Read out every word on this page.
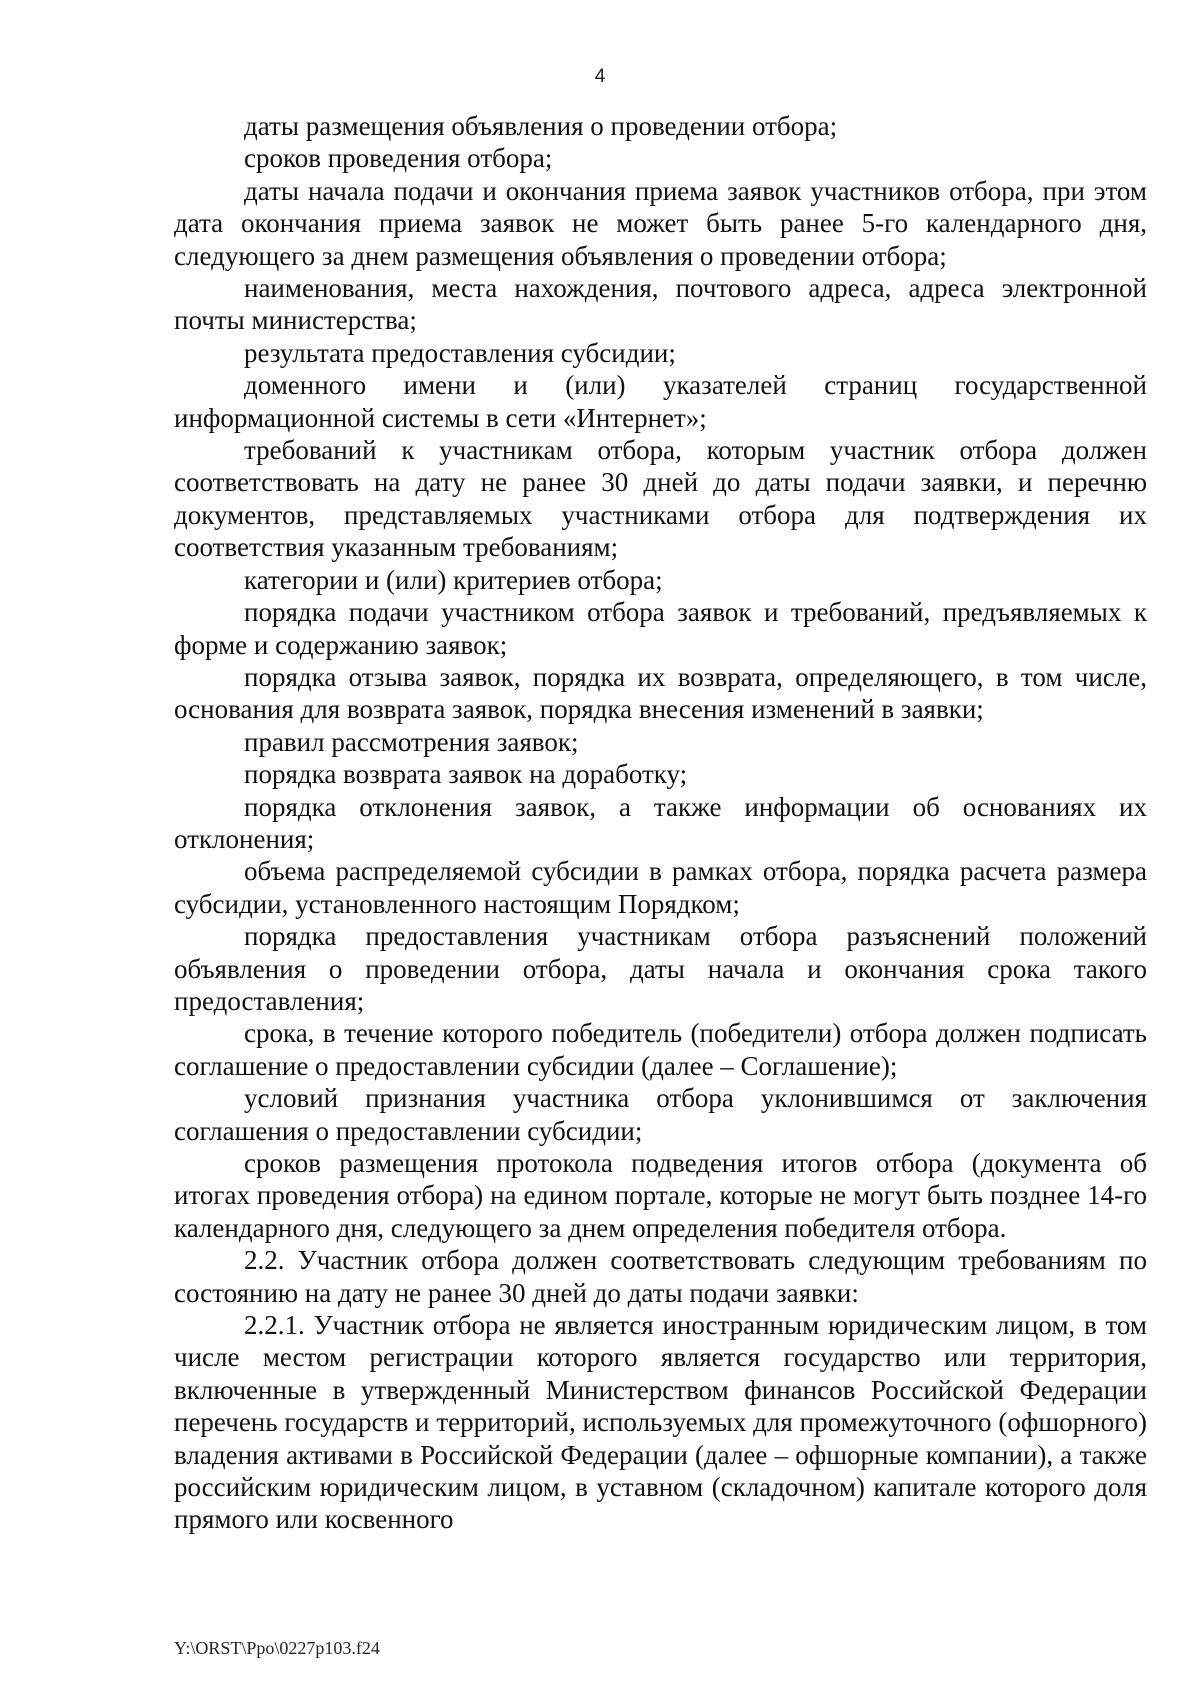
4

даты размещения объявления о проведении отбора;

сроков проведения отбора;

даты начала подачи и окончания приема заявок участников отбора, при этом дата окончания приема заявок не может быть ранее 5-го календарного дня, следующего за днем размещения объявления о проведении отбора;

наименования, места нахождения, почтового адреса, адреса электронной почты министерства;

результата предоставления субсидии;

доменного имени и (или) указателей страниц государственной информационной системы в сети «Интернет»;

требований к участникам отбора, которым участник отбора должен соответствовать на дату не ранее 30 дней до даты подачи заявки, и перечню документов, представляемых участниками отбора для подтверждения их соответствия указанным требованиям;

категории и (или) критериев отбора;

порядка подачи участником отбора заявок и требований, предъявляемых к форме и содержанию заявок;

порядка отзыва заявок, порядка их возврата, определяющего, в том числе, основания для возврата заявок, порядка внесения изменений в заявки;

правил рассмотрения заявок;

порядка возврата заявок на доработку;

порядка отклонения заявок, а также информации об основаниях их отклонения;

объема распределяемой субсидии в рамках отбора, порядка расчета размера субсидии, установленного настоящим Порядком;

порядка предоставления участникам отбора разъяснений положений объявления о проведении отбора, даты начала и окончания срока такого предоставления;

срока, в течение которого победитель (победители) отбора должен подписать соглашение о предоставлении субсидии (далее – Соглашение);

условий признания участника отбора уклонившимся от заключения соглашения о предоставлении субсидии;

сроков размещения протокола подведения итогов отбора (документа об итогах проведения отбора) на едином портале, которые не могут быть позднее 14-го календарного дня, следующего за днем определения победителя отбора.

2.2. Участник отбора должен соответствовать следующим требованиям по состоянию на дату не ранее 30 дней до даты подачи заявки:

2.2.1. Участник отбора не является иностранным юридическим лицом, в том числе местом регистрации которого является государство или территория, включенные в утвержденный Министерством финансов Российской Федерации перечень государств и территорий, используемых для промежуточного (офшорного) владения активами в Российской Федерации (далее – офшорные компании), а также российским юридическим лицом, в уставном (складочном) капитале которого доля прямого или косвенного

Y:\ORST\Ppo\0227p103.f24
